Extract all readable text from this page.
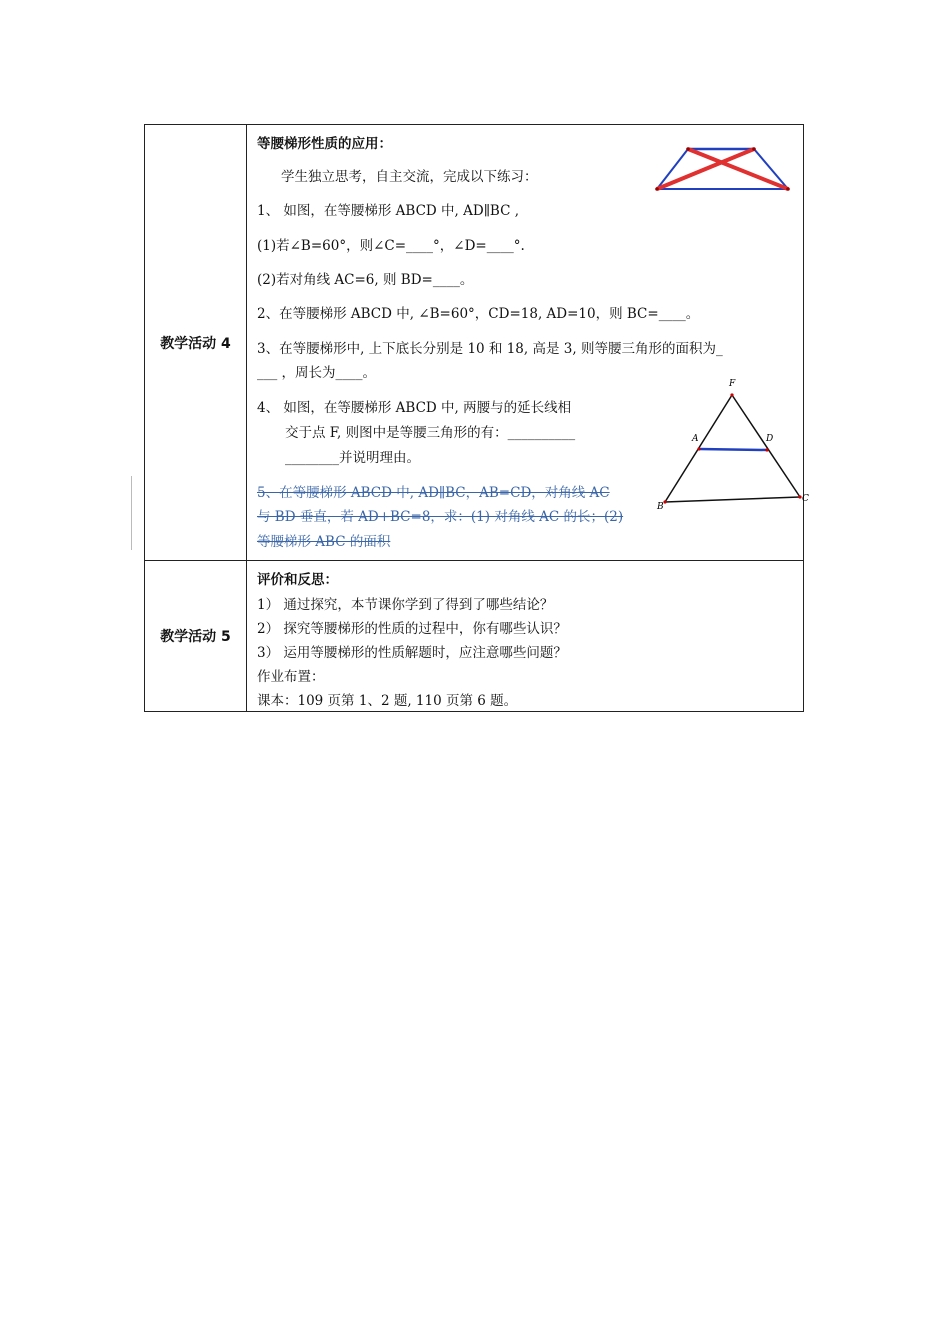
教学活动 4
等腰梯形性质的应用：
学生独立思考，自主交流，完成以下练习：
1、 如图，在等腰梯形 ABCD 中, AD∥BC ,
(1)若∠B=60°，则∠C=____°，∠D=____°.
(2)若对角线 AC=6, 则 BD=____。
2、在等腰梯形 ABCD 中, ∠B=60°，CD=18, AD=10，则 BC=____。
3、在等腰梯形中, 上下底长分别是 10 和 18, 高是 3, 则等腰三角形的面积为_
___ ，周长为____。
4、 如图，在等腰梯形 ABCD 中, 两腰与的延长线相
交于点 F, 则图中是等腰三角形的有：__________
________并说明理由。
5、在等腰梯形 ABCD 中, AD∥BC，AB=CD，对角线 AC
与 BD 垂直，若 AD+BC=8，求：(1) 对角线 AC 的长；(2)
等腰梯形 ABC 的面积
F
A	D
B
C
教学活动 5
评价和反思：
1） 通过探究，本节课你学到了得到了哪些结论？
2） 探究等腰梯形的性质的过程中，你有哪些认识？
3） 运用等腰梯形的性质解题时，应注意哪些问题？
作业布置：
课本：109 页第 1、2 题, 110 页第 6 题。
